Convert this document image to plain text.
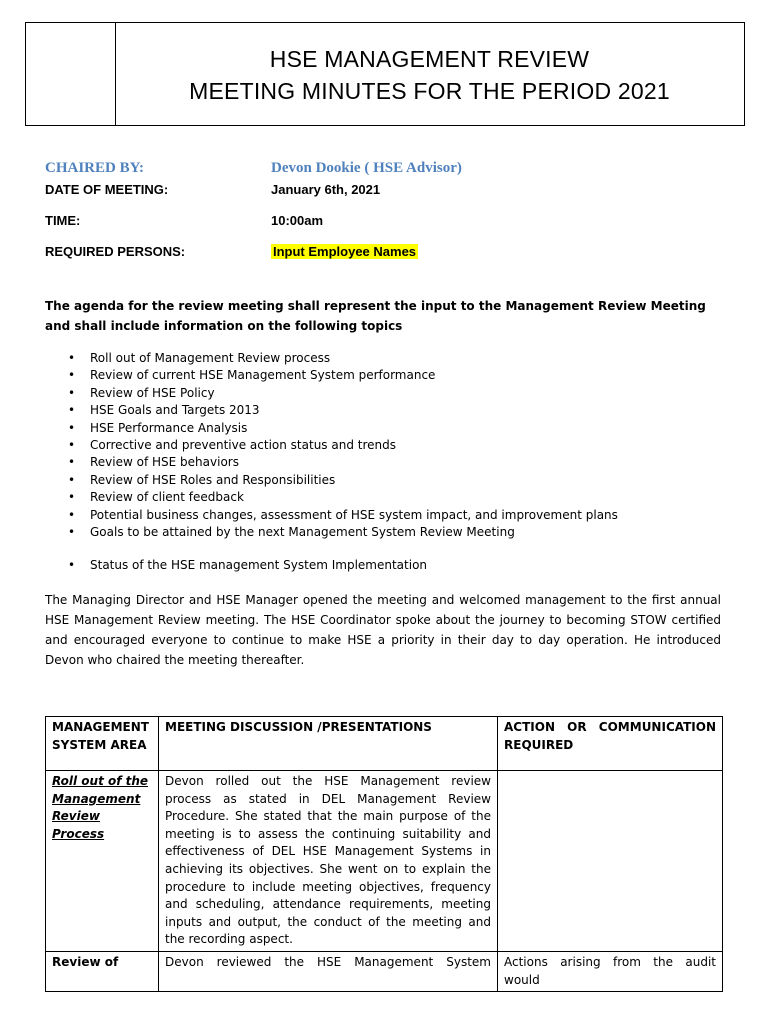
HSE MANAGEMENT REVIEW
MEETING MINUTES FOR THE PERIOD 2021
CHAIRED BY:	Devon Dookie ( HSE Advisor)
DATE OF MEETING:	January 6th, 2021
TIME:	10:00am
REQUIRED PERSONS:	Input Employee Names
The agenda for the review meeting shall represent the input to the Management Review Meeting and shall include information on the following topics
• Roll out of Management Review process
• Review of current HSE Management System performance
• Review of HSE Policy
• HSE Goals and Targets 2013
• HSE Performance Analysis
• Corrective and preventive action status and trends
• Review of HSE behaviors
• Review of HSE Roles and Responsibilities
• Review of client feedback
• Potential business changes, assessment of HSE system impact, and improvement plans
• Goals to be attained by the next Management System Review Meeting
• Status of the HSE management System Implementation
The Managing Director and HSE Manager opened the meeting and welcomed management to the first annual HSE Management Review meeting. The HSE Coordinator spoke about the journey to becoming STOW certified and encouraged everyone to continue to make HSE a priority in their day to day operation. He introduced Devon who chaired the meeting thereafter.
MANAGEMENT SYSTEM AREA	MEETING DISCUSSION /PRESENTATIONS	ACTION OR COMMUNICATION REQUIRED
Roll out of the Management Review Process	Devon rolled out the HSE Management review process as stated in DEL Management Review Procedure. She stated that the main purpose of the meeting is to assess the continuing suitability and effectiveness of DEL HSE Management Systems in achieving its objectives. She went on to explain the procedure to include meeting objectives, frequency and scheduling, attendance requirements, meeting inputs and output, the conduct of the meeting and the recording aspect.	
Review of	Devon reviewed the HSE Management System	Actions arising from the audit would
